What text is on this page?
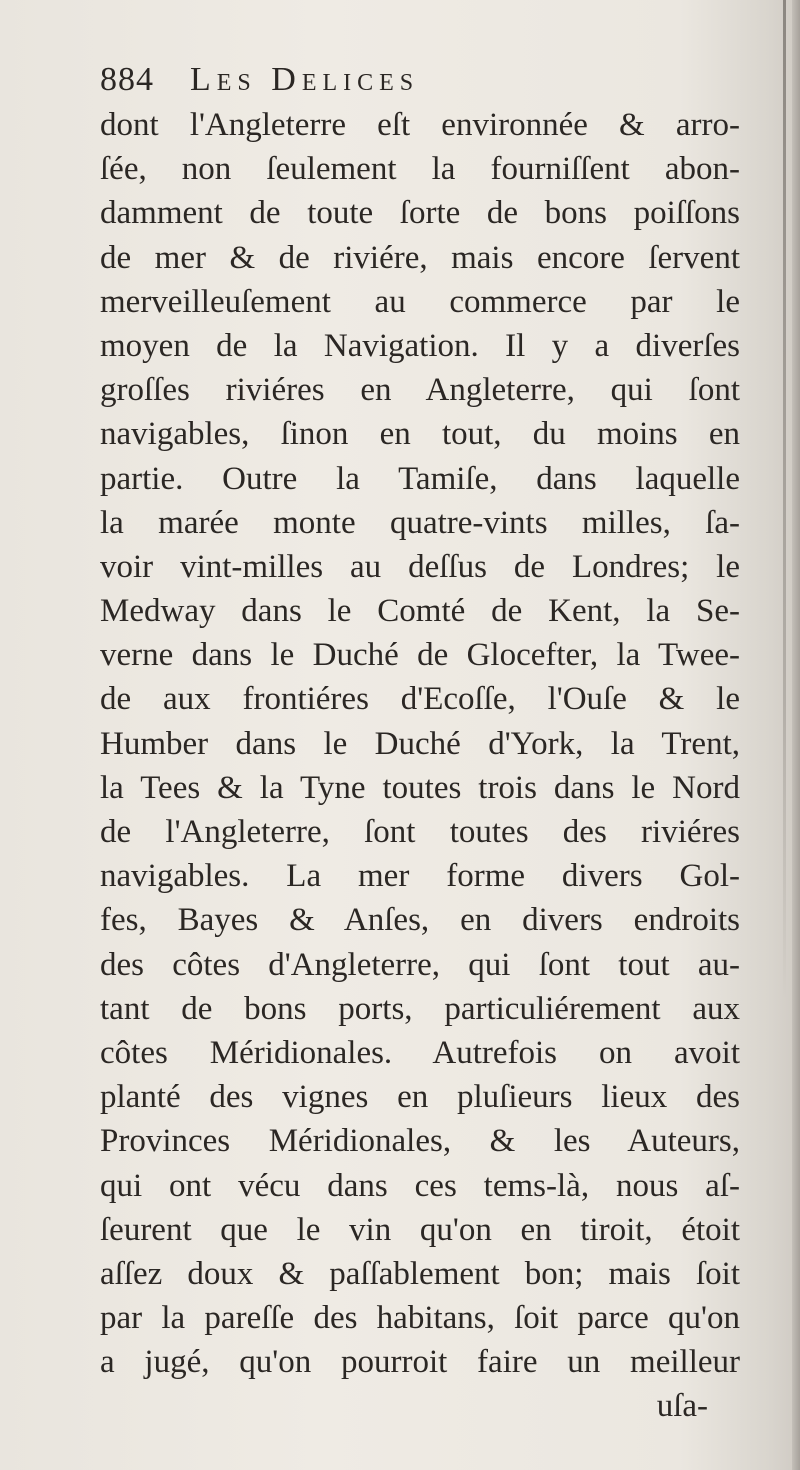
884 Les Delices
dont l'Angleterre eſt environnée & arro-
ſée, non ſeulement la fourniſſent abon-
damment de toute ſorte de bons poiſſons
de mer & de riviére, mais encore ſervent
merveilleuſement au commerce par le
moyen de la Navigation. Il y a diverſes
groſſes riviéres en Angleterre, qui ſont
navigables, ſinon en tout, du moins en
partie. Outre la Tamiſe, dans laquelle
la marée monte quatre-vints milles, ſa-
voir vint-milles au deſſus de Londres; le
Medway dans le Comté de Kent, la Se-
verne dans le Duché de Glocefter, la Twee-
de aux frontiéres d'Ecoſſe, l'Ouſe & le
Humber dans le Duché d'York, la Trent,
la Tees & la Tyne toutes trois dans le Nord
de l'Angleterre, ſont toutes des riviéres
navigables. La mer forme divers Gol-
fes, Bayes & Anſes, en divers endroits
des côtes d'Angleterre, qui ſont tout au-
tant de bons ports, particuliérement aux
côtes Méridionales. Autrefois on avoit
planté des vignes en pluſieurs lieux des
Provinces Méridionales, & les Auteurs,
qui ont vécu dans ces tems-là, nous aſ-
ſeurent que le vin qu'on en tiroit, étoit
aſſez doux & paſſablement bon; mais ſoit
par la pareſſe des habitans, ſoit parce qu'on
a jugé, qu'on pourroit faire un meilleur
uſa-
